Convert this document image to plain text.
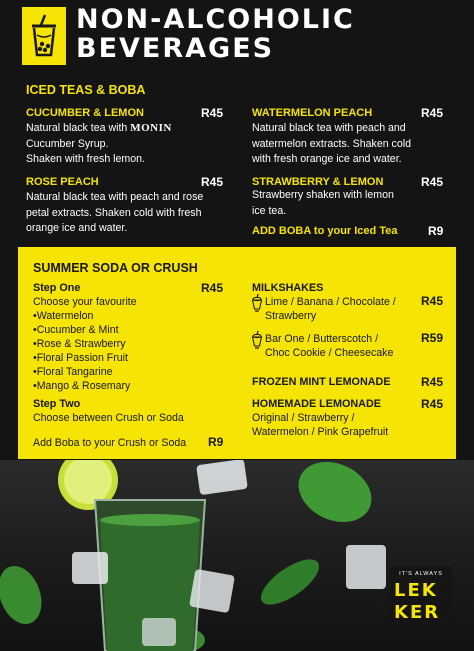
NON-ALCOHOLIC
BEVERAGES
ICED TEAS & BOBA
CUCUMBER & LEMON	R45
Natural black tea with MONIN
Cucumber Syrup.
Shaken with fresh lemon.
ROSE PEACH	R45
Natural black tea with peach and rose
petal extracts. Shaken cold with fresh
orange ice and water.
WATERMELON PEACH	R45
Natural black tea with peach and
watermelon extracts. Shaken cold
with fresh orange ice and water.
STRAWBERRY & LEMON	R45
Strawberry shaken with lemon
ice tea.
ADD BOBA to your Iced Tea	R9
SUMMER SODA OR CRUSH
Step One	R45
Choose your favourite
•Watermelon
•Cucumber & Mint
•Rose & Strawberry
•Floral Passion Fruit
•Floral Tangarine
•Mango & Rosemary
Step Two
Choose between Crush or Soda
Add Boba to your Crush or Soda R9
MILKSHAKES
Lime / Banana / Chocolate /
Strawberry
R45
Bar One / Butterscotch /
Choc Cookie / Cheesecake
R59
FROZEN MINT LEMONADE	R45
HOMEMADE LEMONADE	R45
Original / Strawberry /
Watermelon / Pink Grapefruit
IT'S ALWAYS
LEK
KER
